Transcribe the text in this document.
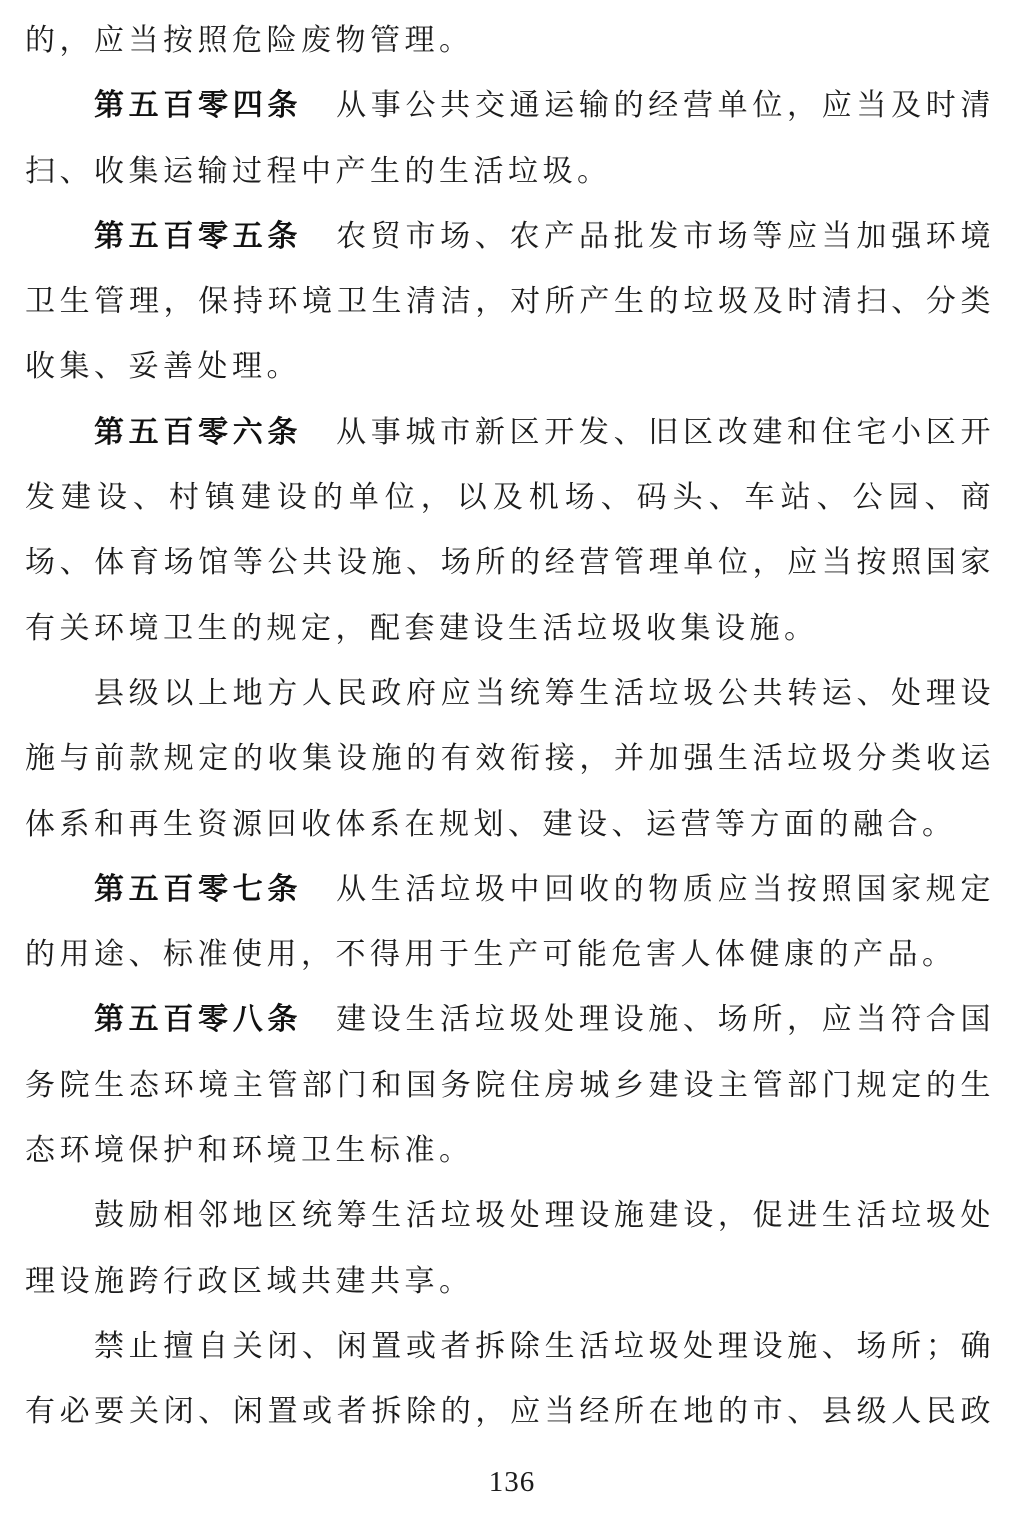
的，应当按照危险废物管理。
第五百零四条 从事公共交通运输的经营单位，应当及时清
扫、收集运输过程中产生的生活垃圾。
第五百零五条 农贸市场、农产品批发市场等应当加强环境
卫生管理，保持环境卫生清洁，对所产生的垃圾及时清扫、分类
收集、妥善处理。
第五百零六条 从事城市新区开发、旧区改建和住宅小区开
发建设、村镇建设的单位，以及机场、码头、车站、公园、商
场、体育场馆等公共设施、场所的经营管理单位，应当按照国家
有关环境卫生的规定，配套建设生活垃圾收集设施。
县级以上地方人民政府应当统筹生活垃圾公共转运、处理设
施与前款规定的收集设施的有效衔接，并加强生活垃圾分类收运
体系和再生资源回收体系在规划、建设、运营等方面的融合。
第五百零七条 从生活垃圾中回收的物质应当按照国家规定
的用途、标准使用，不得用于生产可能危害人体健康的产品。
第五百零八条 建设生活垃圾处理设施、场所，应当符合国
务院生态环境主管部门和国务院住房城乡建设主管部门规定的生
态环境保护和环境卫生标准。
鼓励相邻地区统筹生活垃圾处理设施建设，促进生活垃圾处
理设施跨行政区域共建共享。
禁止擅自关闭、闲置或者拆除生活垃圾处理设施、场所；确
有必要关闭、闲置或者拆除的，应当经所在地的市、县级人民政
136
